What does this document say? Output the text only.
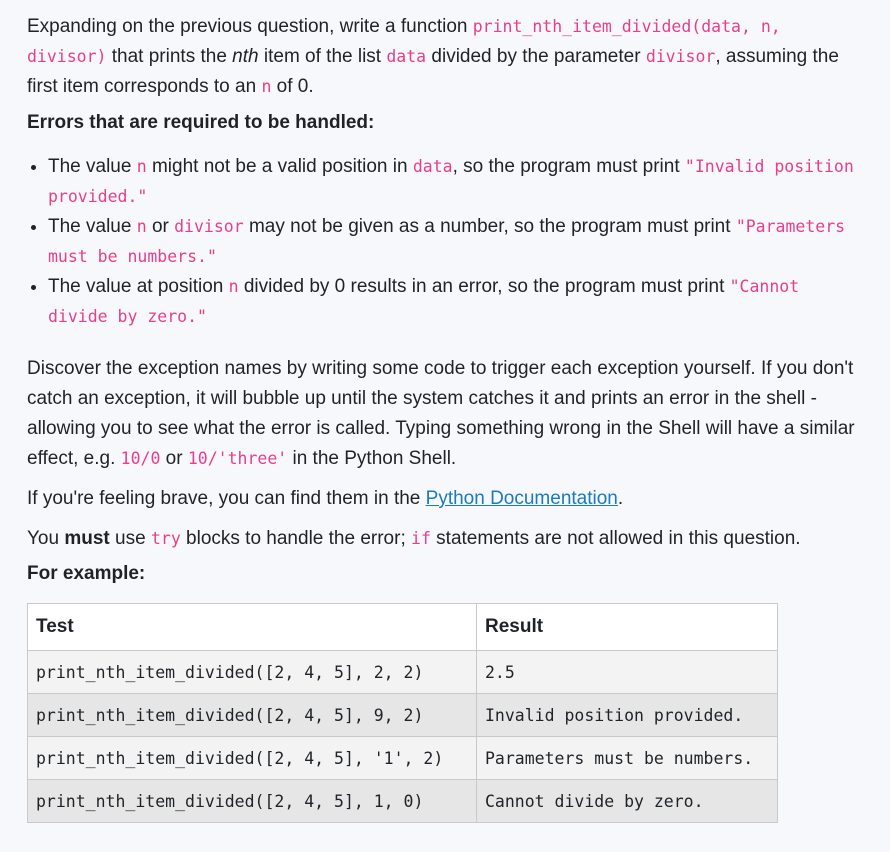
Expanding on the previous question, write a function print_nth_item_divided(data, n, divisor) that prints the nth item of the list data divided by the parameter divisor, assuming the first item corresponds to an n of 0.

Errors that are required to be handled:

• The value n might not be a valid position in data, so the program must print "Invalid position provided."
• The value n or divisor may not be given as a number, so the program must print "Parameters must be numbers."
• The value at position n divided by 0 results in an error, so the program must print "Cannot divide by zero."

Discover the exception names by writing some code to trigger each exception yourself. If you don't catch an exception, it will bubble up until the system catches it and prints an error in the shell - allowing you to see what the error is called. Typing something wrong in the Shell will have a similar effect, e.g. 10/0 or 10/'three' in the Python Shell.

If you're feeling brave, you can find them in the Python Documentation.

You must use try blocks to handle the error; if statements are not allowed in this question.

For example:

Test	Result
print_nth_item_divided([2, 4, 5], 2, 2)	2.5
print_nth_item_divided([2, 4, 5], 9, 2)	Invalid position provided.
print_nth_item_divided([2, 4, 5], '1', 2)	Parameters must be numbers.
print_nth_item_divided([2, 4, 5], 1, 0)	Cannot divide by zero.
